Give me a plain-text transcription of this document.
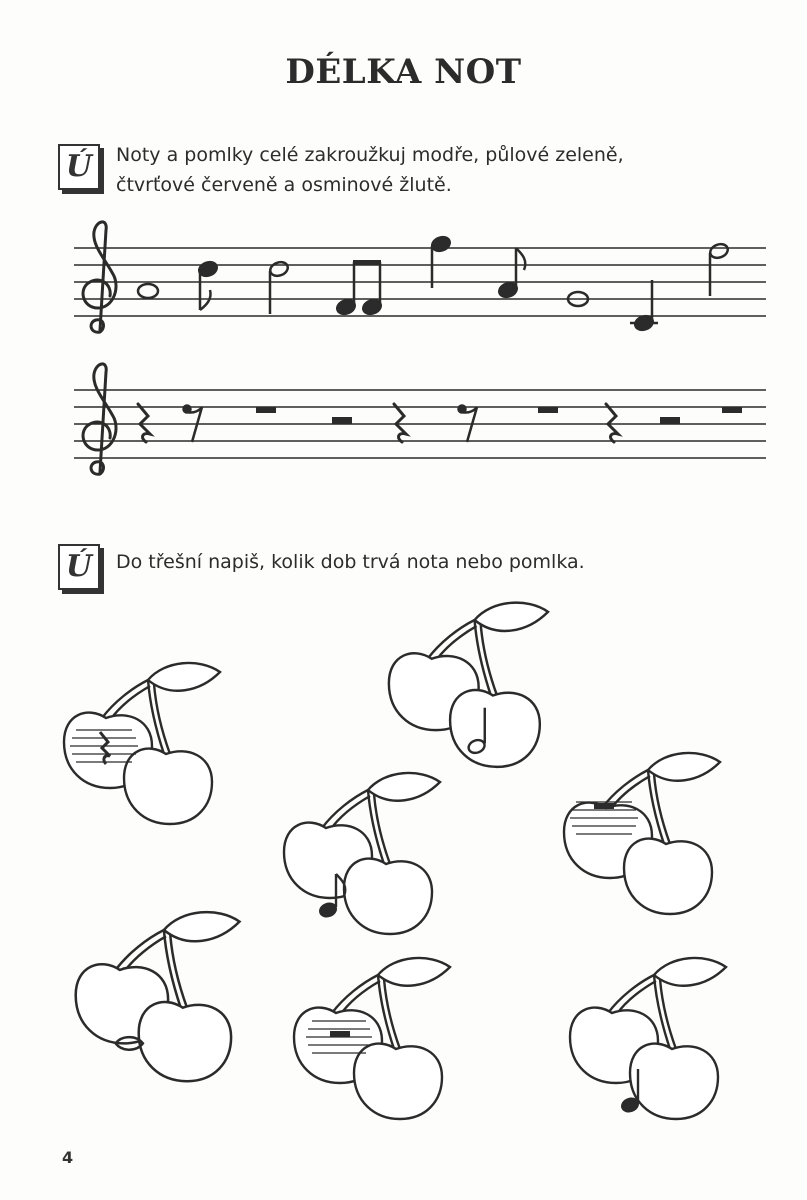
DÉLKA NOT
Ú	Noty a pomlky celé zakroužkuj modře, půlové zeleně,
čtvrťové červeně a osminové žlutě.
Ú	Do třešní napiš, kolik dob trvá nota nebo pomlka.
4
